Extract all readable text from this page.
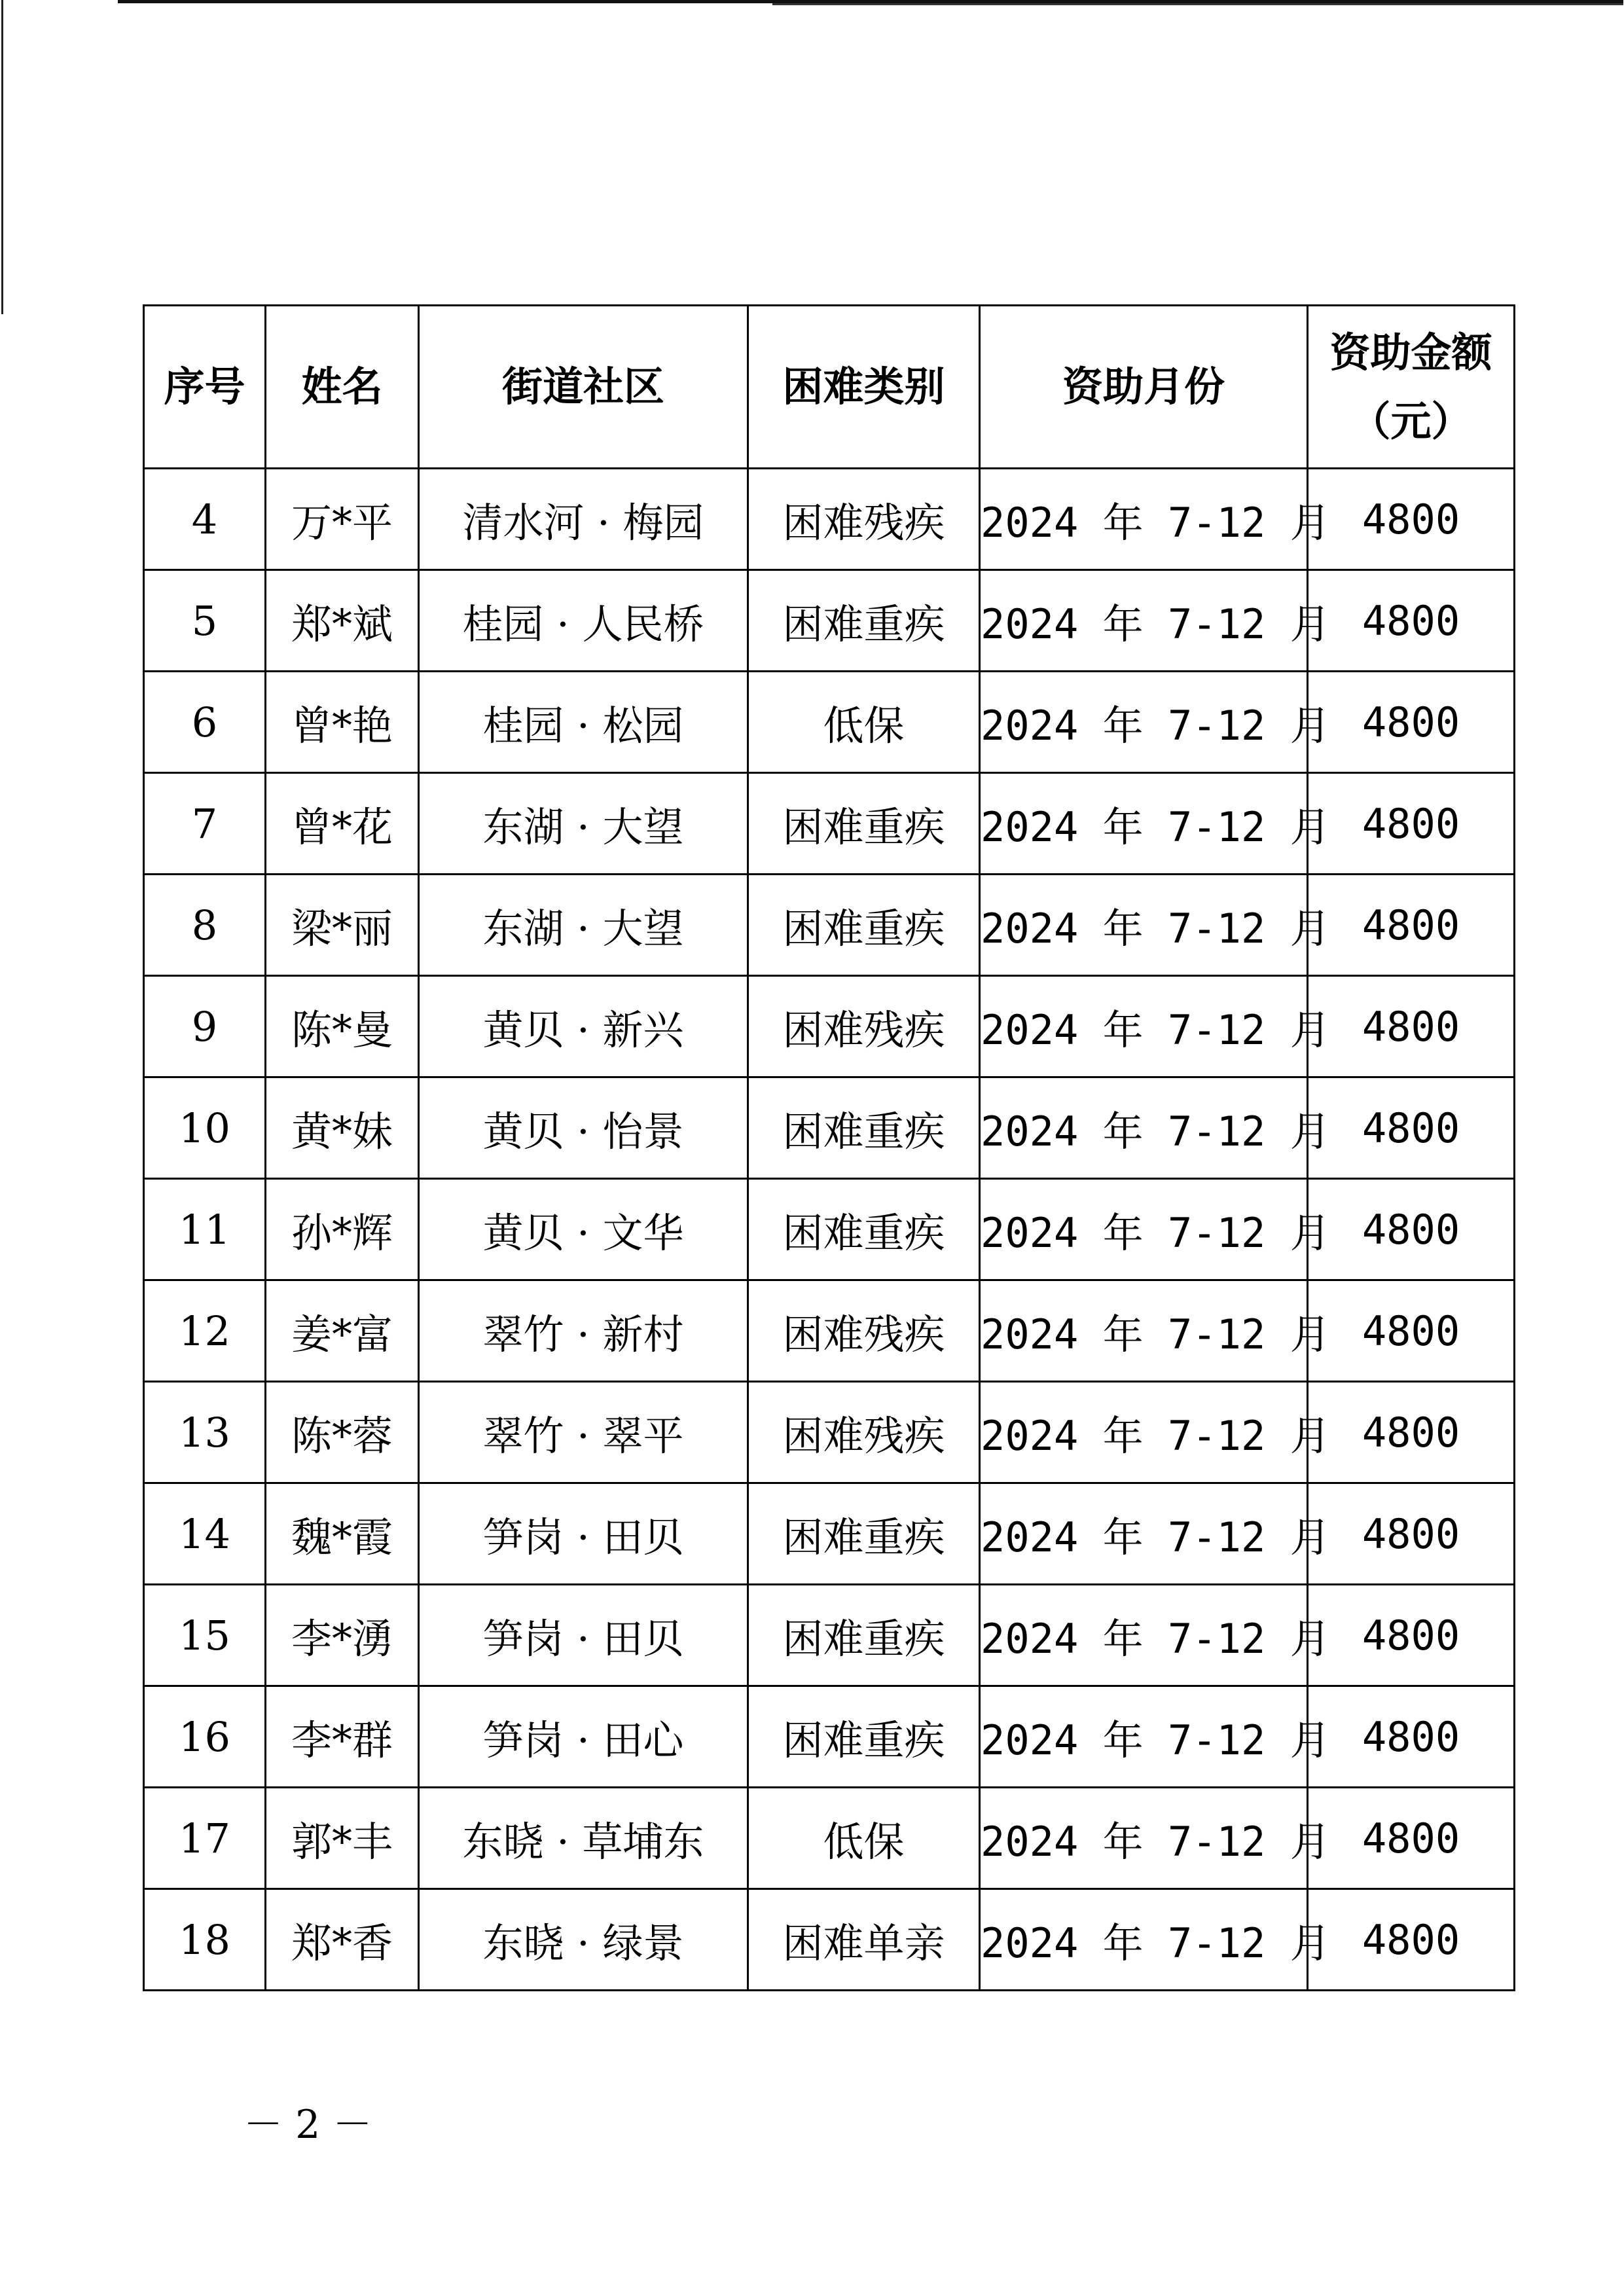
序号	姓名	街道社区	困难类别	资助月份	资助金额
（元）

4	万*平	清水河 · 梅园	困难残疾	2024 年 7-12 月	4800
5	郑*斌	桂园 · 人民桥	困难重疾	2024 年 7-12 月	4800
6	曾*艳	桂园 · 松园	低保	2024 年 7-12 月	4800
7	曾*花	东湖 · 大望	困难重疾	2024 年 7-12 月	4800
8	梁*丽	东湖 · 大望	困难重疾	2024 年 7-12 月	4800
9	陈*曼	黄贝 · 新兴	困难残疾	2024 年 7-12 月	4800
10	黄*妹	黄贝 · 怡景	困难重疾	2024 年 7-12 月	4800
11	孙*辉	黄贝 · 文华	困难重疾	2024 年 7-12 月	4800
12	姜*富	翠竹 · 新村	困难残疾	2024 年 7-12 月	4800
13	陈*蓉	翠竹 · 翠平	困难残疾	2024 年 7-12 月	4800
14	魏*霞	笋岗 · 田贝	困难重疾	2024 年 7-12 月	4800
15	李*湧	笋岗 · 田贝	困难重疾	2024 年 7-12 月	4800
16	李*群	笋岗 · 田心	困难重疾	2024 年 7-12 月	4800
17	郭*丰	东晓 · 草埔东	低保	2024 年 7-12 月	4800
18	郑*香	东晓 · 绿景	困难单亲	2024 年 7-12 月	4800
－ 2 －
